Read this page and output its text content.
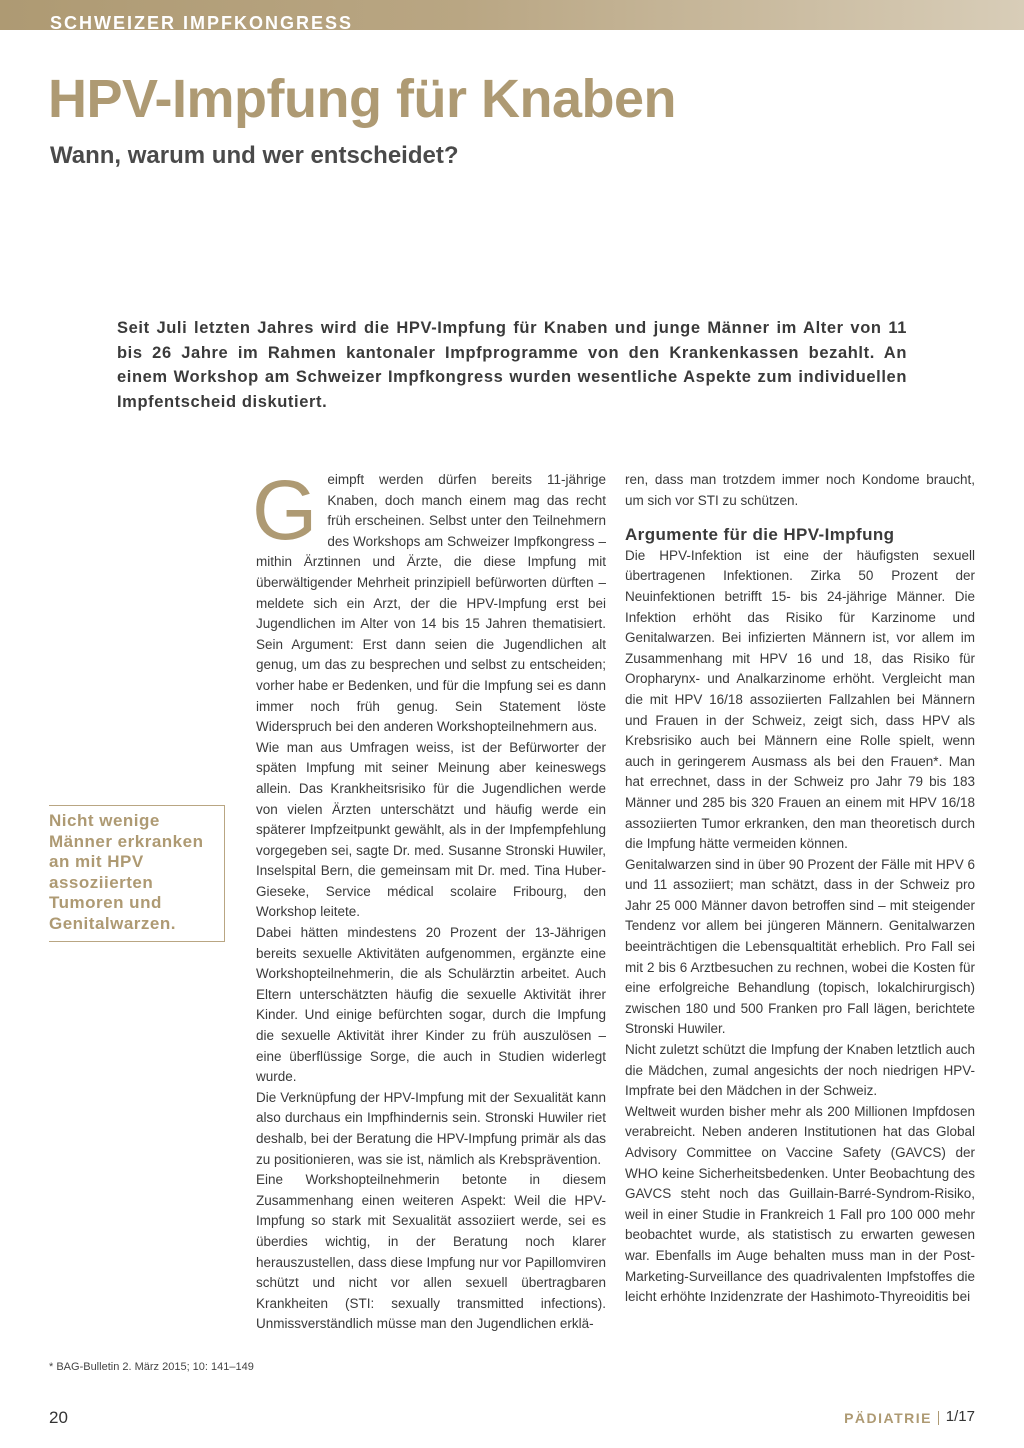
SCHWEIZER IMPFKONGRESS
HPV-Impfung für Knaben
Wann, warum und wer entscheidet?

Seit Juli letzten Jahres wird die HPV-Impfung für Knaben und junge Männer im Alter von 11 bis 26 Jahre im Rahmen kantonaler Impfprogramme von den Krankenkassen bezahlt. An einem Workshop am Schweizer Impfkongress wurden wesentliche Aspekte zum individuellen Impfentscheid diskutiert.

Nicht wenige Männer erkranken an mit HPV assoziierten Tumoren und Genitalwarzen.

* BAG-Bulletin 2. März 2015; 10: 141–149
G eimpft werden dürfen bereits 11-jährige Knaben, doch manch einem mag das recht früh erscheinen. Selbst unter den Teilnehmern des Workshops am Schweizer Impfkongress – mithin Ärztinnen und Ärzte, die diese Impfung mit überwältigender Mehrheit prinzipiell befürworten dürften – meldete sich ein Arzt, der die HPV-Impfung erst bei Jugendlichen im Alter von 14 bis 15 Jahren thematisiert. Sein Argument: Erst dann seien die Jugendlichen alt genug, um das zu besprechen und selbst zu entscheiden; vorher habe er Bedenken, und für die Impfung sei es dann immer noch früh genug. Sein Statement löste Widerspruch bei den anderen Workshopteilnehmern aus.

Wie man aus Umfragen weiss, ist der Befürworter der späten Impfung mit seiner Meinung aber keineswegs allein. Das Krankheitsrisiko für die Jugendlichen werde von vielen Ärzten unterschätzt und häufig werde ein späterer Impfzeitpunkt gewählt, als in der Impfempfehlung vorgegeben sei, sagte Dr. med. Susanne Stronski Huwiler, Inselspital Bern, die gemeinsam mit Dr. med. Tina Huber-Gieseke, Service médical scolaire Fribourg, den Workshop leitete.

Dabei hätten mindestens 20 Prozent der 13-Jährigen bereits sexuelle Aktivitäten aufgenommen, ergänzte eine Workshopteilnehmerin, die als Schulärztin arbeitet. Auch Eltern unterschätzten häufig die sexuelle Aktivität ihrer Kinder. Und einige befürchten sogar, durch die Impfung die sexuelle Aktivität ihrer Kinder zu früh auszulösen – eine überflüssige Sorge, die auch in Studien widerlegt wurde.

Die Verknüpfung der HPV-Impfung mit der Sexualität kann also durchaus ein Impfhindernis sein. Stronski Huwiler riet deshalb, bei der Beratung die HPV-Impfung primär als das zu positionieren, was sie ist, nämlich als Krebsprävention.

Eine Workshopteilnehmerin betonte in diesem Zusammenhang einen weiteren Aspekt: Weil die HPV-Impfung so stark mit Sexualität assoziiert werde, sei es überdies wichtig, in der Beratung noch klarer herauszustellen, dass diese Impfung nur vor Papillomviren schützt und nicht vor allen sexuell übertragbaren Krankheiten (STI: sexually transmitted infections). Unmissverständlich müsse man den Jugendlichen erklä-

ren, dass man trotzdem immer noch Kondome braucht, um sich vor STI zu schützen.

Argumente für die HPV-Impfung

Die HPV-Infektion ist eine der häufigsten sexuell übertragenen Infektionen. Zirka 50 Prozent der Neuinfektionen betrifft 15- bis 24-jährige Männer. Die Infektion erhöht das Risiko für Karzinome und Genitalwarzen. Bei infizierten Männern ist, vor allem im Zusammenhang mit HPV 16 und 18, das Risiko für Oropharynx- und Analkarzinome erhöht. Vergleicht man die mit HPV 16/18 assoziierten Fallzahlen bei Männern und Frauen in der Schweiz, zeigt sich, dass HPV als Krebsrisiko auch bei Männern eine Rolle spielt, wenn auch in geringerem Ausmass als bei den Frauen*. Man hat errechnet, dass in der Schweiz pro Jahr 79 bis 183 Männer und 285 bis 320 Frauen an einem mit HPV 16/18 assoziierten Tumor erkranken, den man theoretisch durch die Impfung hätte vermeiden können.

Genitalwarzen sind in über 90 Prozent der Fälle mit HPV 6 und 11 assoziiert; man schätzt, dass in der Schweiz pro Jahr 25 000 Männer davon betroffen sind – mit steigender Tendenz vor allem bei jüngeren Männern. Genitalwarzen beeinträchtigen die Lebensqualtität erheblich. Pro Fall sei mit 2 bis 6 Arztbesuchen zu rechnen, wobei die Kosten für eine erfolgreiche Behandlung (topisch, lokalchirurgisch) zwischen 180 und 500 Franken pro Fall lägen, berichtete Stronski Huwiler.

Nicht zuletzt schützt die Impfung der Knaben letztlich auch die Mädchen, zumal angesichts der noch niedrigen HPV-Impfrate bei den Mädchen in der Schweiz.

Weltweit wurden bisher mehr als 200 Millionen Impfdosen verabreicht. Neben anderen Institutionen hat das Global Advisory Committee on Vaccine Safety (GAVCS) der WHO keine Sicherheitsbedenken. Unter Beobachtung des GAVCS steht noch das Guillain-Barré-Syndrom-Risiko, weil in einer Studie in Frankreich 1 Fall pro 100 000 mehr beobachtet wurde, als statistisch zu erwarten gewesen war. Ebenfalls im Auge behalten muss man in der Post-Marketing-Surveillance des quadrivalenten Impfstoffes die leicht erhöhte Inzidenzrate der Hashimoto-Thyreoiditis bei

20	PÄDIATRIE 1/17
